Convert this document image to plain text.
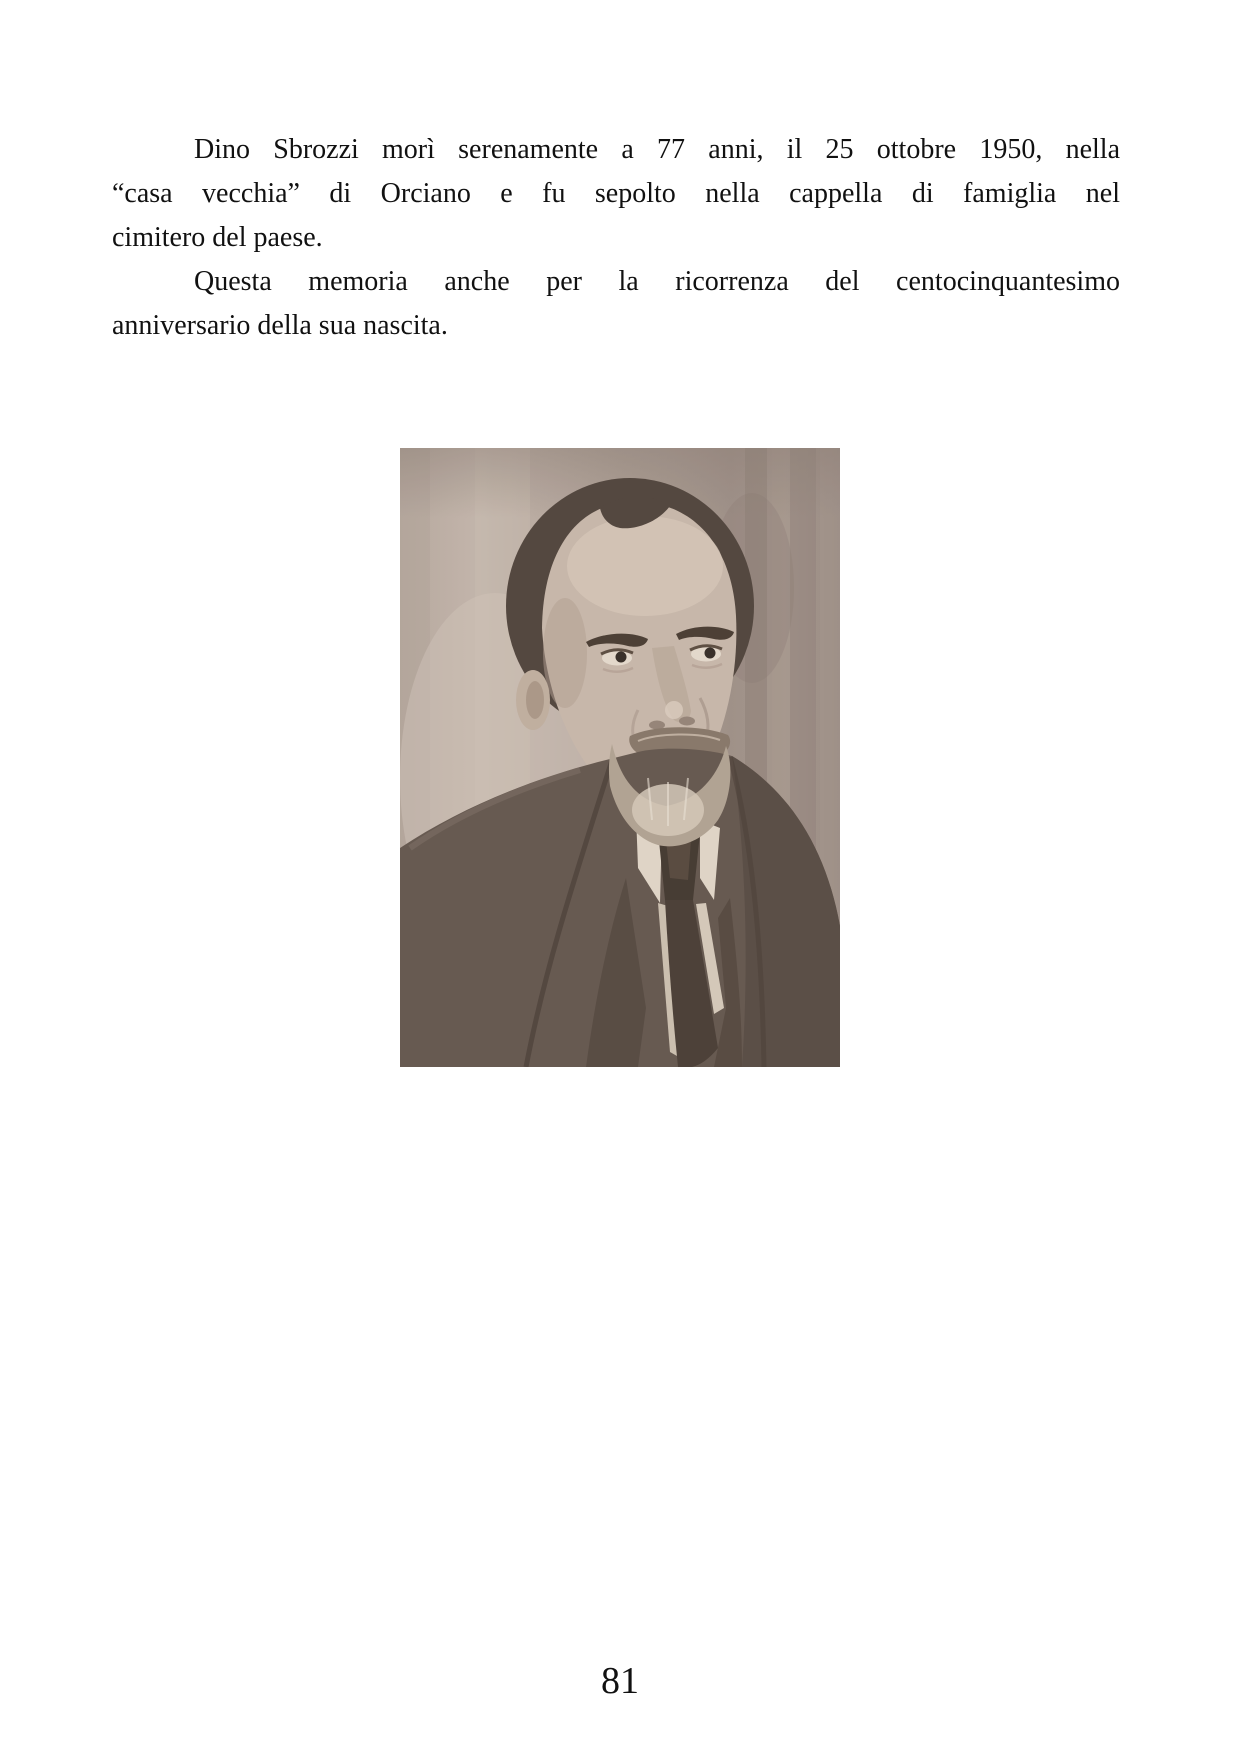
Dino Sbrozzi morì serenamente a 77 anni, il 25 ottobre 1950, nella
“casa vecchia” di Orciano e fu sepolto nella cappella di famiglia nel
cimitero del paese.

Questa memoria anche per la ricorrenza del centocinquantesimo
anniversario della sua nascita.

81
